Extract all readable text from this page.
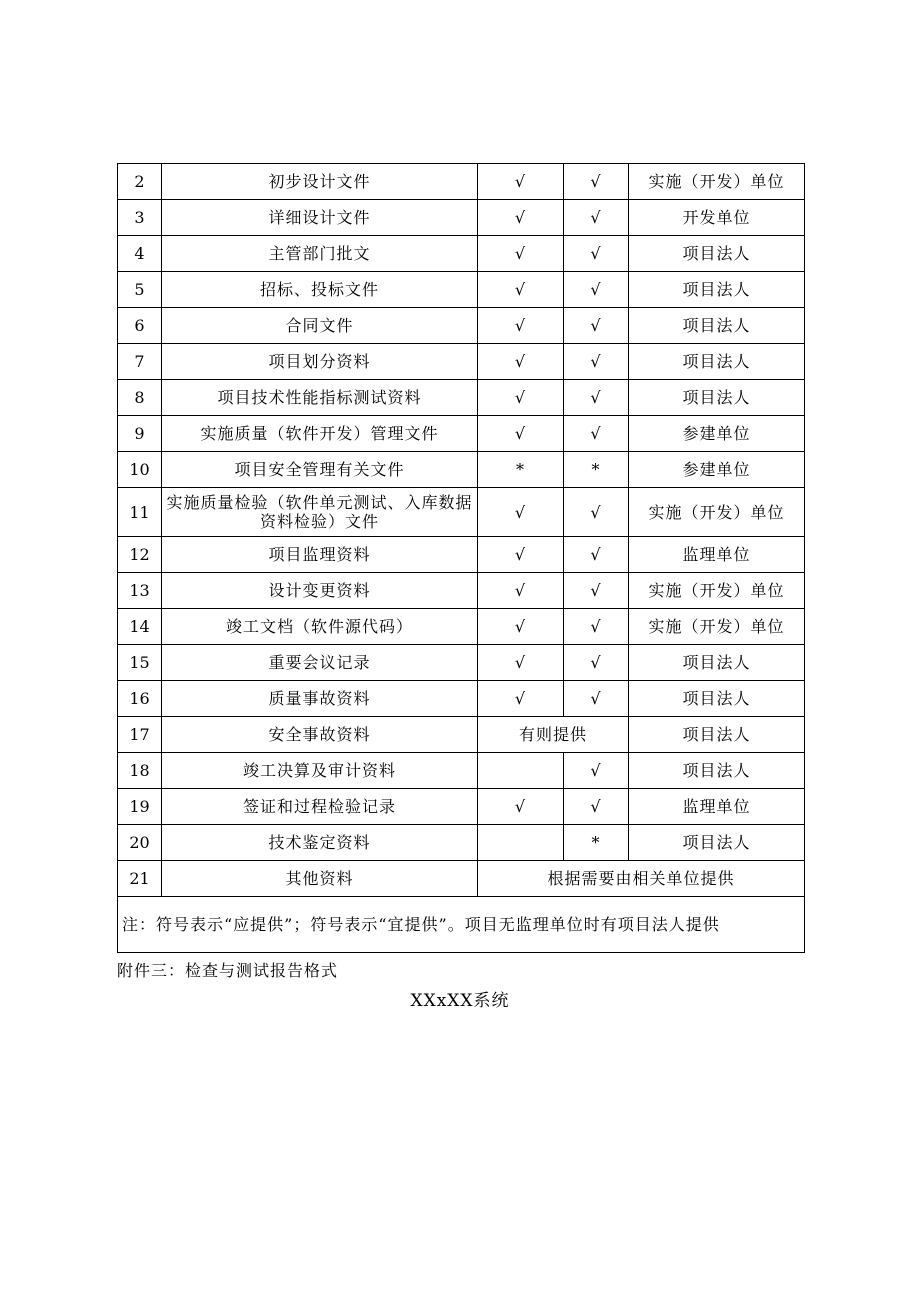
2	初步设计文件	√	√	实施（开发）单位
3	详细设计文件	√	√	开发单位
4	主管部门批文	√	√	项目法人
5	招标、投标文件	√	√	项目法人
6	合同文件	√	√	项目法人
7	项目划分资料	√	√	项目法人
8	项目技术性能指标测试资料	√	√	项目法人
9	实施质量（软件开发）管理文件	√	√	参建单位
10	项目安全管理有关文件	*	*	参建单位
11	实施质量检验（软件单元测试、入库数据资料检验）文件	√	√	实施（开发）单位
12	项目监理资料	√	√	监理单位
13	设计变更资料	√	√	实施（开发）单位
14	竣工文档（软件源代码）	√	√	实施（开发）单位
15	重要会议记录	√	√	项目法人
16	质量事故资料	√	√	项目法人
17	安全事故资料	有则提供		项目法人
18	竣工决算及审计资料		√	项目法人
19	签证和过程检验记录	√	√	监理单位
20	技术鉴定资料		*	项目法人
21	其他资料	根据需要由相关单位提供		
注：符号表示“应提供”；符号表示“宜提供”。项目无监理单位时有项目法人提供				
附件三：检查与测试报告格式
XXxXX系统
